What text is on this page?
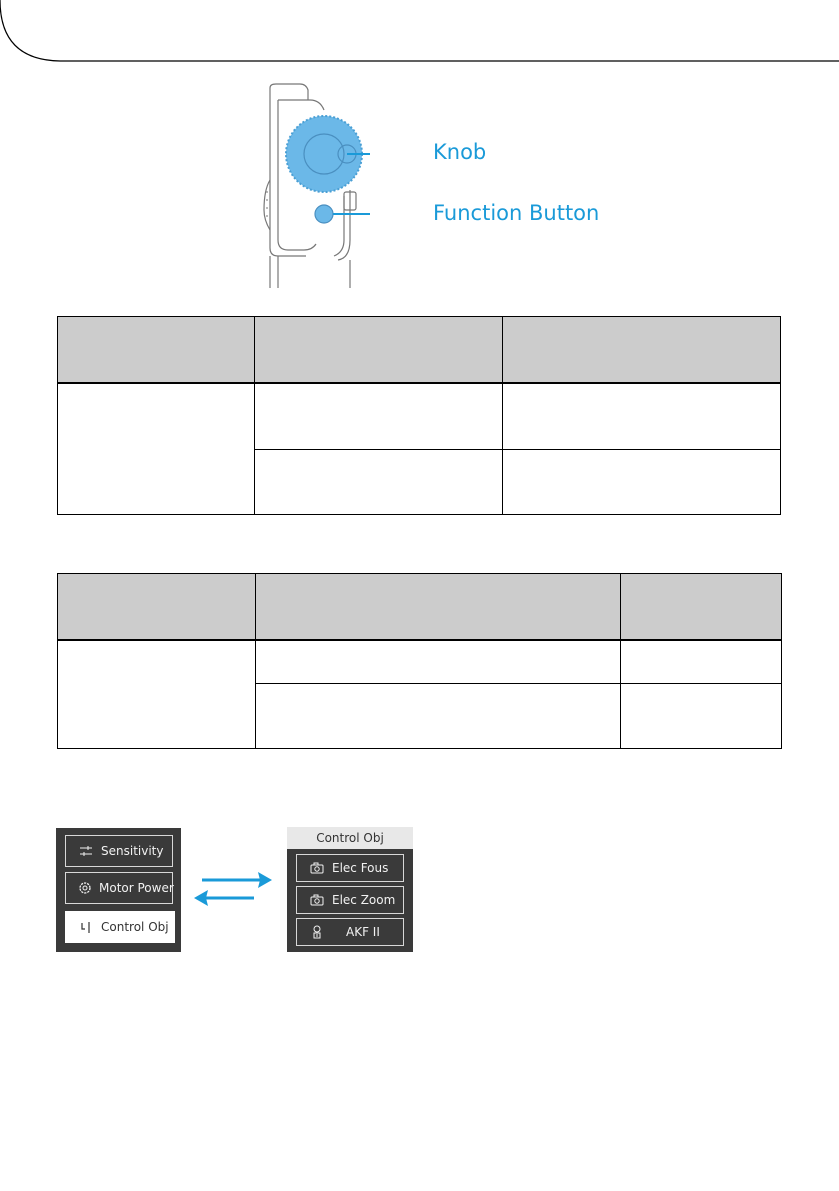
Knob
Function Button

Sensitivity
Motor Power
Control Obj
Control Obj
Elec Fous
Elec Zoom
AKF II
